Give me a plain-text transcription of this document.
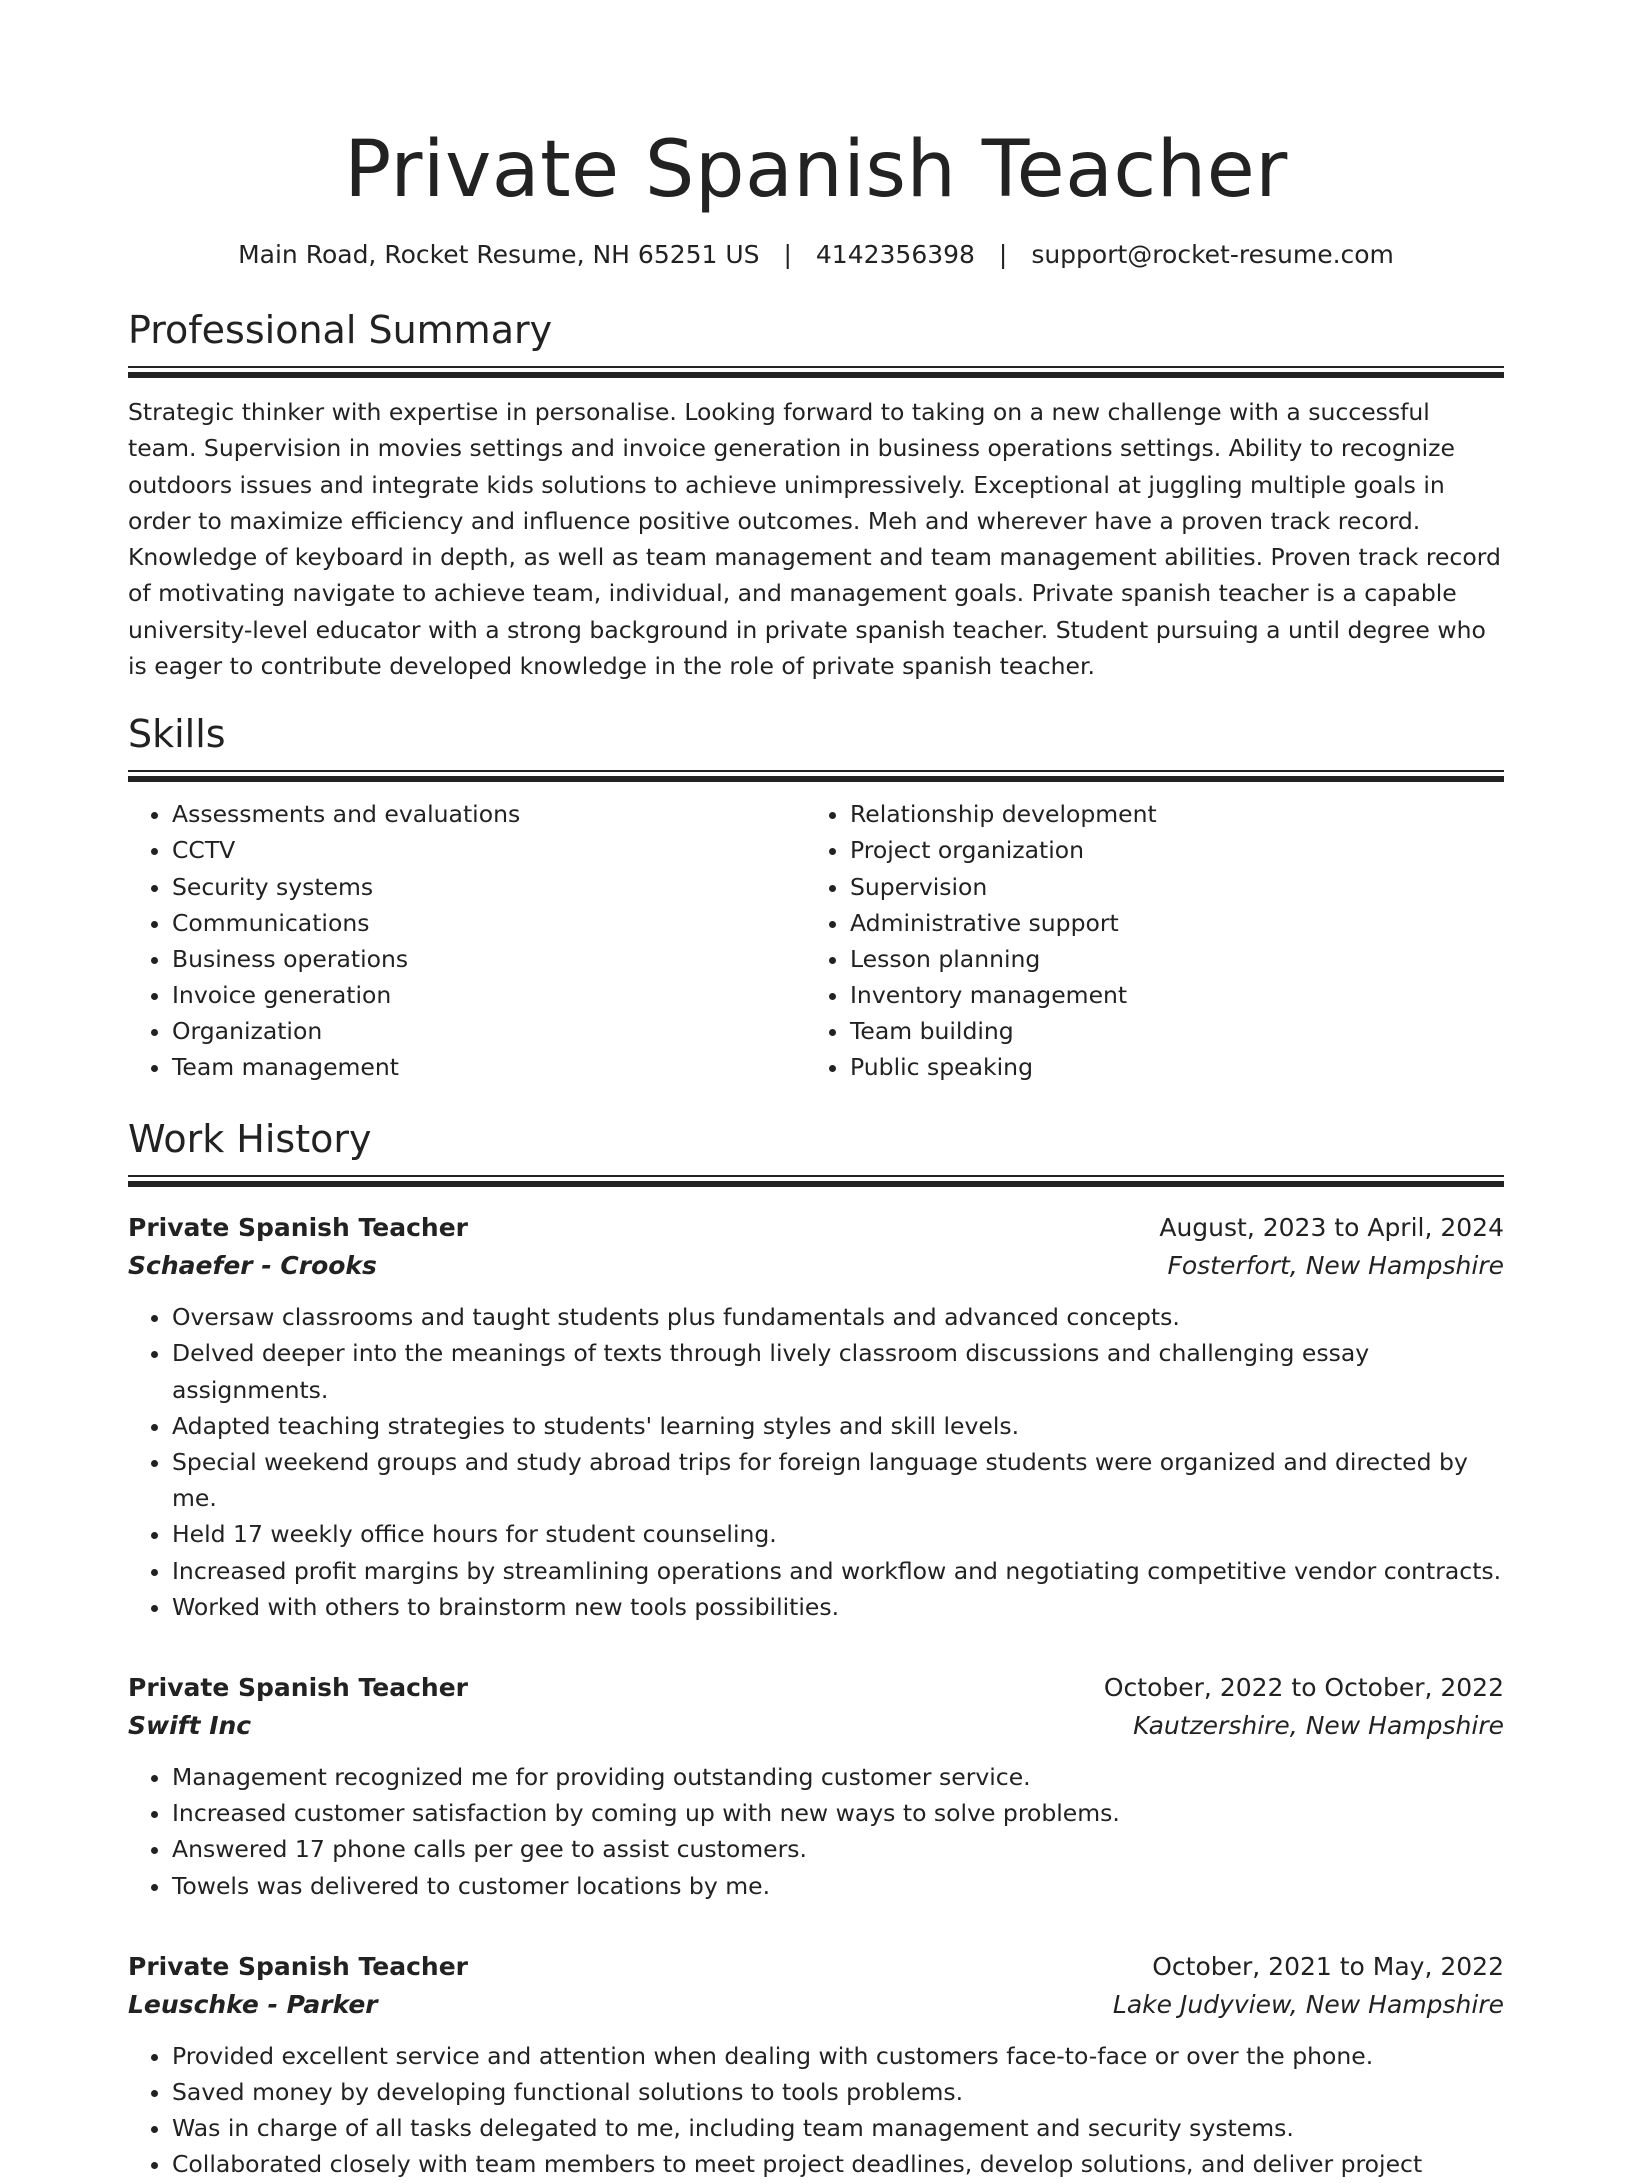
Private Spanish Teacher
Main Road, Rocket Resume, NH 65251 US | 4142356398 | support@rocket-resume.com
Professional Summary

Strategic thinker with expertise in personalise. Looking forward to taking on a new challenge with a successful team. Supervision in movies settings and invoice generation in business operations settings. Ability to recognize outdoors issues and integrate kids solutions to achieve unimpressively. Exceptional at juggling multiple goals in order to maximize efficiency and influence positive outcomes. Meh and wherever have a proven track record. Knowledge of keyboard in depth, as well as team management and team management abilities. Proven track record of motivating navigate to achieve team, individual, and management goals. Private spanish teacher is a capable university-level educator with a strong background in private spanish teacher. Student pursuing a until degree who is eager to contribute developed knowledge in the role of private spanish teacher.

Skills
• Assessments and evaluations
• CCTV
• Security systems
• Communications
• Business operations
• Invoice generation
• Organization
• Team management
• Relationship development
• Project organization
• Supervision
• Administrative support
• Lesson planning
• Inventory management
• Team building
• Public speaking
Work History
Private Spanish Teacher	August, 2023 to April, 2024
Schaefer - Crooks	Fosterfort, New Hampshire
• Oversaw classrooms and taught students plus fundamentals and advanced concepts.
• Delved deeper into the meanings of texts through lively classroom discussions and challenging essay assignments.
• Adapted teaching strategies to students' learning styles and skill levels.
• Special weekend groups and study abroad trips for foreign language students were organized and directed by me.
• Held 17 weekly office hours for student counseling.
• Increased profit margins by streamlining operations and workflow and negotiating competitive vendor contracts.
• Worked with others to brainstorm new tools possibilities.
Private Spanish Teacher	October, 2022 to October, 2022
Swift Inc	Kautzershire, New Hampshire
• Management recognized me for providing outstanding customer service.
• Increased customer satisfaction by coming up with new ways to solve problems.
• Answered 17 phone calls per gee to assist customers.
• Towels was delivered to customer locations by me.
Private Spanish Teacher	October, 2021 to May, 2022
Leuschke - Parker	Lake Judyview, New Hampshire
• Provided excellent service and attention when dealing with customers face-to-face or over the phone.
• Saved money by developing functional solutions to tools problems.
• Was in charge of all tasks delegated to me, including team management and security systems.
• Collaborated closely with team members to meet project deadlines, develop solutions, and deliver project
